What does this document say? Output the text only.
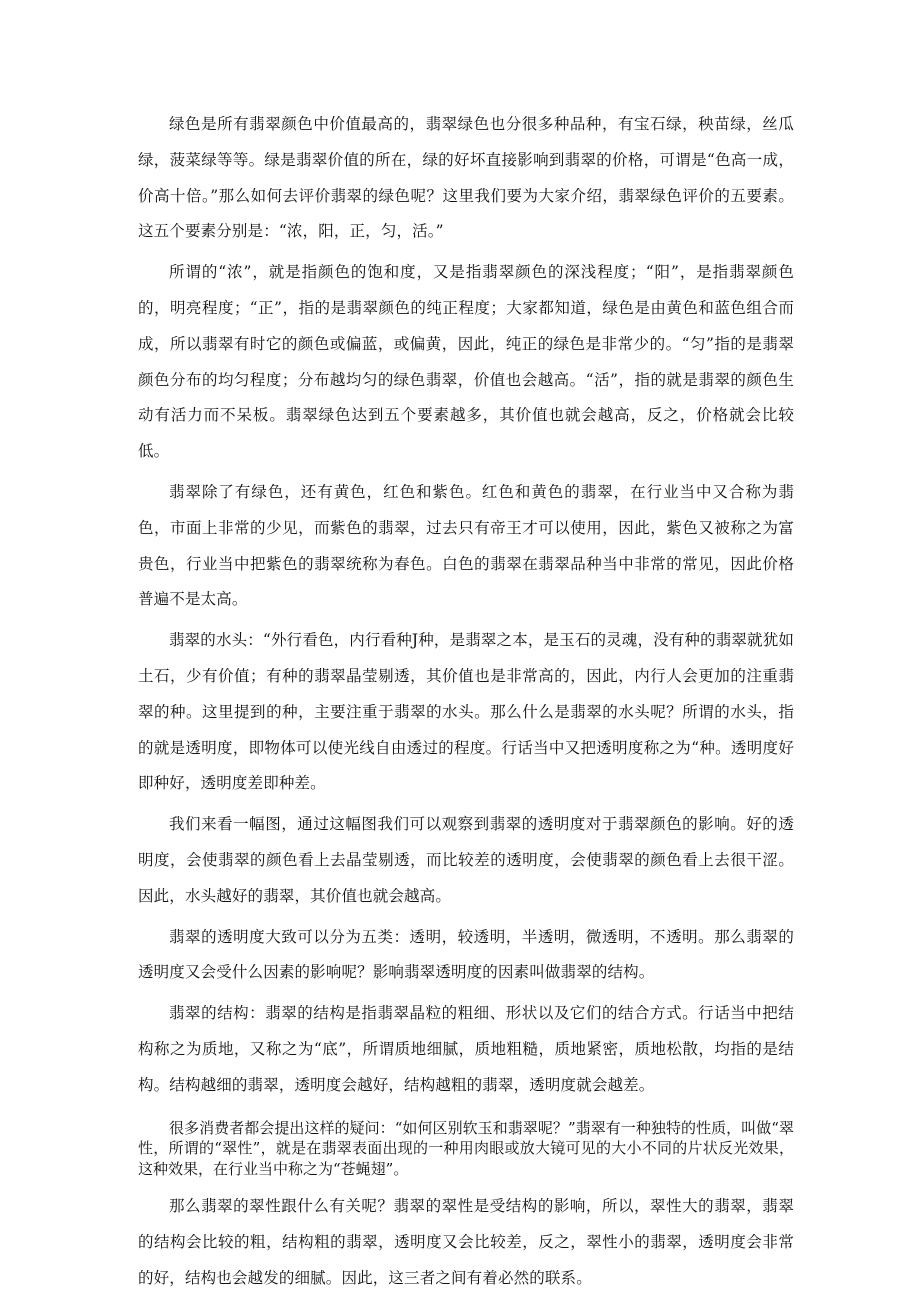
绿色是所有翡翠颜色中价值最高的，翡翠绿色也分很多种品种，有宝石绿，秧苗绿，丝瓜绿，菠菜绿等等。绿是翡翠价值的所在，绿的好坏直接影响到翡翠的价格，可谓是“色高一成，价高十倍。”那么如何去评价翡翠的绿色呢？这里我们要为大家介绍，翡翠绿色评价的五要素。这五个要素分别是：“浓，阳，正，匀，活。”

所谓的“浓”，就是指颜色的饱和度，又是指翡翠颜色的深浅程度；“阳”，是指翡翠颜色的，明亮程度；“正”，指的是翡翠颜色的纯正程度；大家都知道，绿色是由黄色和蓝色组合而成，所以翡翠有时它的颜色或偏蓝，或偏黄，因此，纯正的绿色是非常少的。“匀”指的是翡翠颜色分布的均匀程度；分布越均匀的绿色翡翠，价值也会越高。“活”，指的就是翡翠的颜色生动有活力而不呆板。翡翠绿色达到五个要素越多，其价值也就会越高，反之，价格就会比较低。

翡翠除了有绿色，还有黄色，红色和紫色。红色和黄色的翡翠，在行业当中又合称为翡色，市面上非常的少见，而紫色的翡翠，过去只有帝王才可以使用，因此，紫色又被称之为富贵色，行业当中把紫色的翡翠统称为春色。白色的翡翠在翡翠品种当中非常的常见，因此价格普遍不是太高。

翡翠的水头：“外行看色，内行看种J种，是翡翠之本，是玉石的灵魂，没有种的翡翠就犹如土石，少有价值；有种的翡翠晶莹剔透，其价值也是非常高的，因此，内行人会更加的注重翡翠的种。这里提到的种，主要注重于翡翠的水头。那么什么是翡翠的水头呢？所谓的水头，指的就是透明度，即物体可以使光线自由透过的程度。行话当中又把透明度称之为“种。透明度好即种好，透明度差即种差。

我们来看一幅图，通过这幅图我们可以观察到翡翠的透明度对于翡翠颜色的影响。好的透明度，会使翡翠的颜色看上去晶莹剔透，而比较差的透明度，会使翡翠的颜色看上去很干涩。因此，水头越好的翡翠，其价值也就会越高。

翡翠的透明度大致可以分为五类：透明，较透明，半透明，微透明，不透明。那么翡翠的透明度又会受什么因素的影响呢？影响翡翠透明度的因素叫做翡翠的结构。

翡翠的结构：翡翠的结构是指翡翠晶粒的粗细、形状以及它们的结合方式。行话当中把结构称之为质地，又称之为“底”，所谓质地细腻，质地粗糙，质地紧密，质地松散，均指的是结构。结构越细的翡翠，透明度会越好，结构越粗的翡翠，透明度就会越差。

很多消费者都会提出这样的疑问：“如何区别软玉和翡翠呢？”翡翠有一种独特的性质，叫做“翠性，所谓的“翠性”，就是在翡翠表面出现的一种用肉眼或放大镜可见的大小不同的片状反光效果，这种效果，在行业当中称之为“苍蝇翅”。

那么翡翠的翠性跟什么有关呢？翡翠的翠性是受结构的影响，所以，翠性大的翡翠，翡翠的结构会比较的粗，结构粗的翡翠，透明度又会比较差，反之，翠性小的翡翠，透明度会非常的好，结构也会越发的细腻。因此，这三者之间有着必然的联系。
